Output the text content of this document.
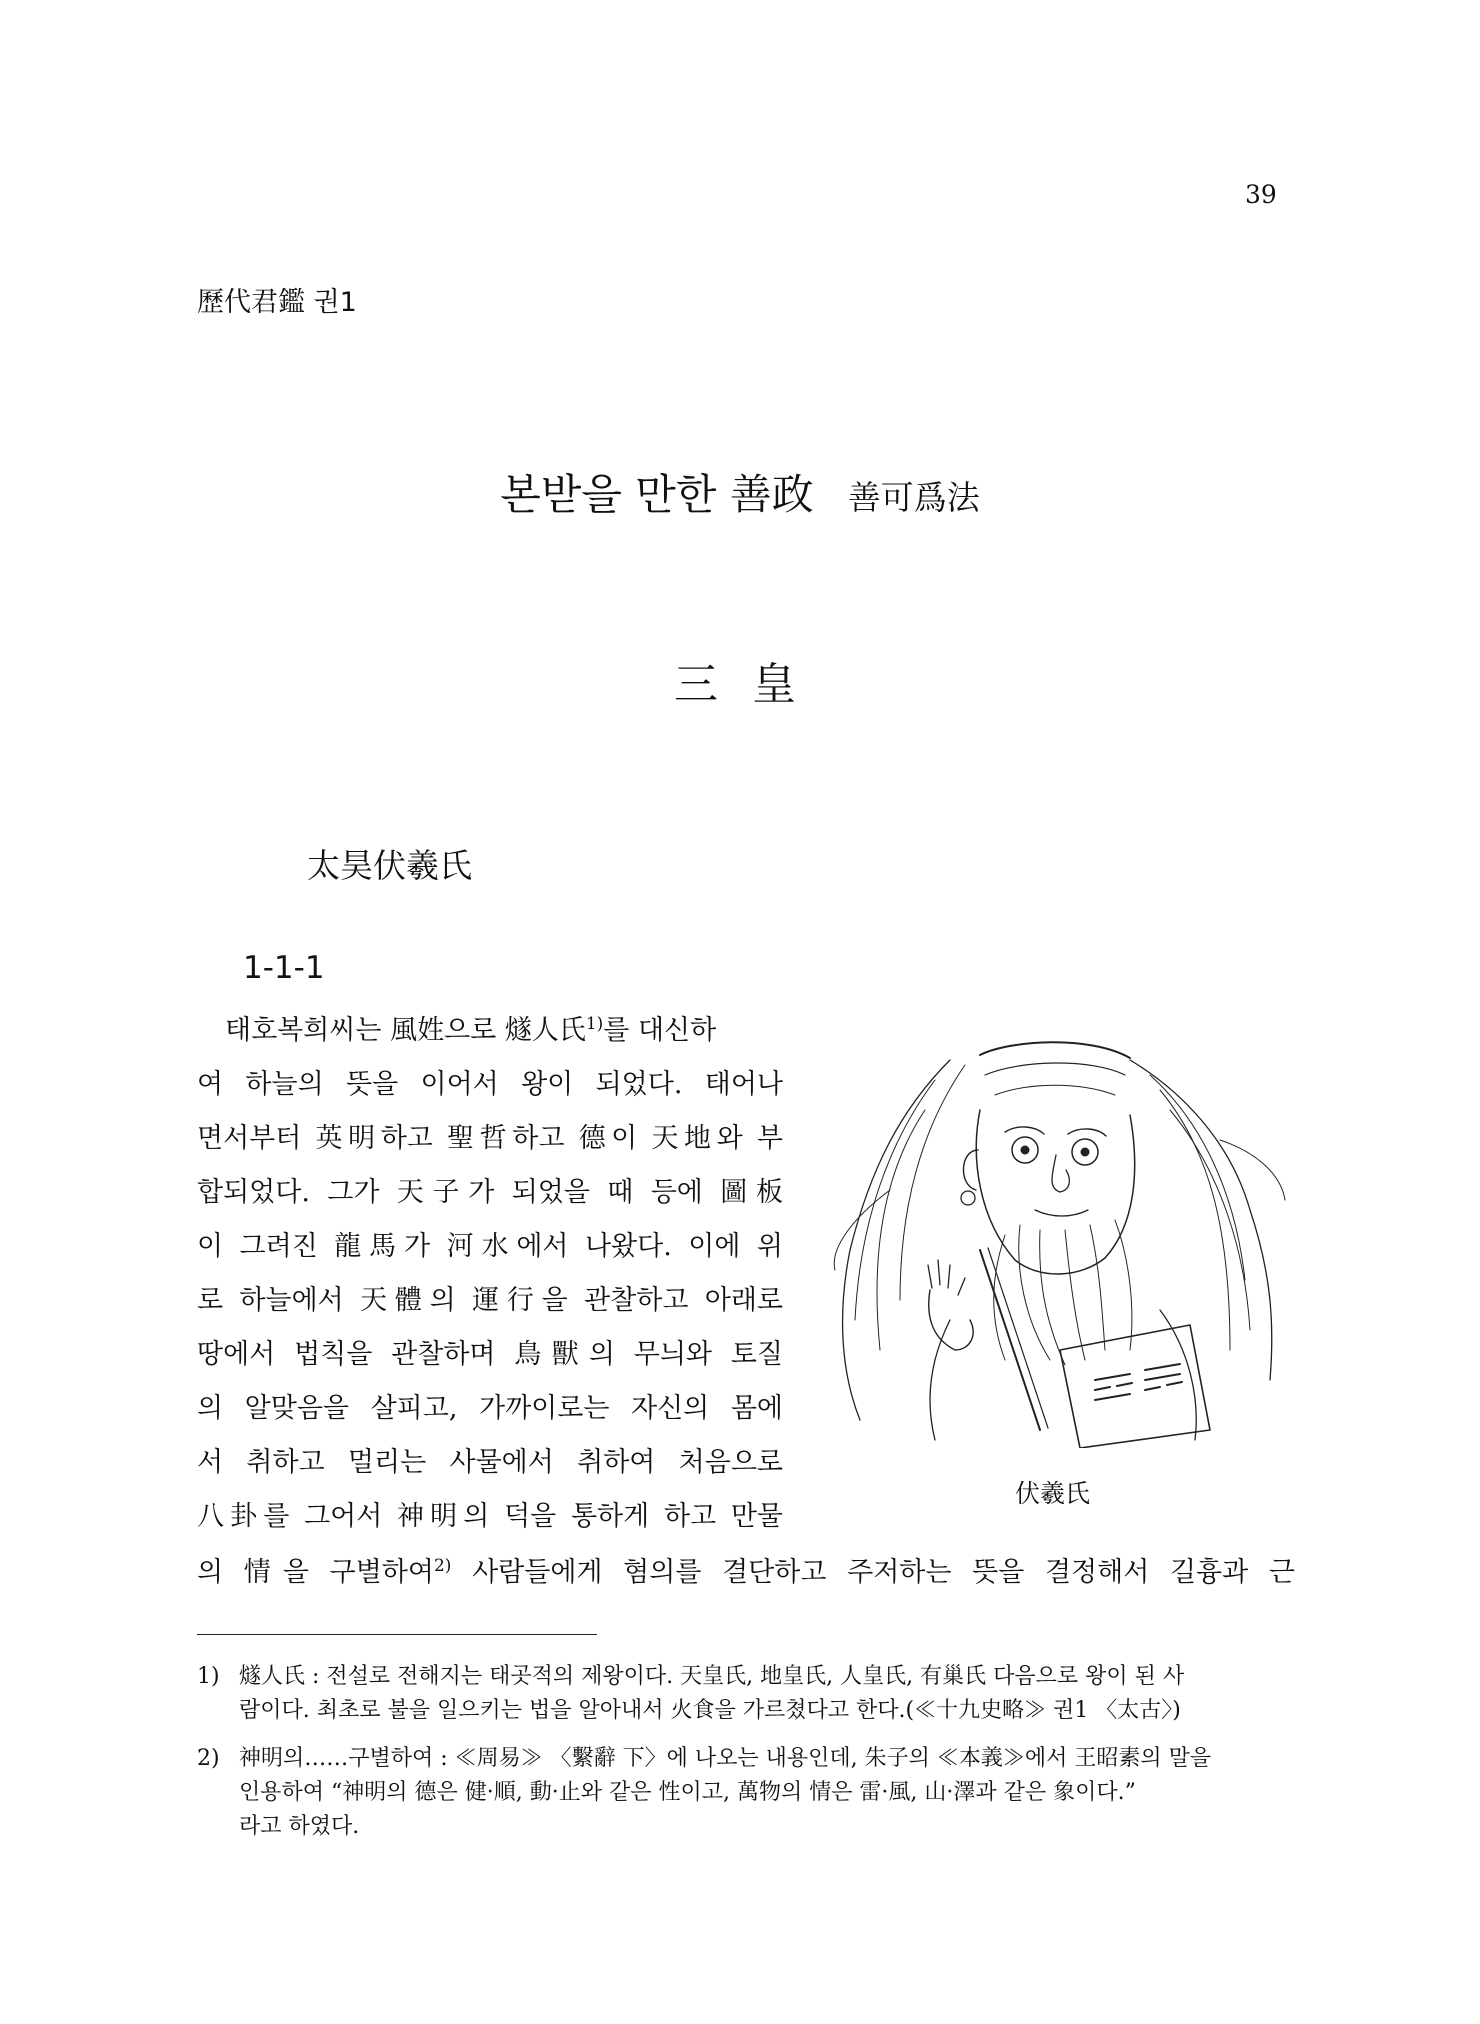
39
歷代君鑑 권1
본받을 만한 善政 善可爲法
三 皇
太昊伏羲氏
1-1-1
태호복희씨는 風姓으로 燧人氏$^{1)}$를 대신하
여 하늘의 뜻을 이어서 왕이 되었다. 태어나
면서부터 英明하고 聖哲하고 德이 天地와 부
합되었다. 그가 天子가 되었을 때 등에 圖板
이 그려진 龍馬가 河水에서 나왔다. 이에 위
로 하늘에서 天體의 運行을 관찰하고 아래로
땅에서 법칙을 관찰하며 鳥獸의 무늬와 토질
의 알맞음을 살피고, 가까이로는 자신의 몸에
서 취하고 멀리는 사물에서 취하여 처음으로
八卦를 그어서 神明의 덕을 통하게 하고 만물
의 情을 구별하여$^{2)}$ 사람들에게 혐의를 결단하고 주저하는 뜻을 결정해서 길흉과 근
伏羲氏
1) 燧人氏 : 전설로 전해지는 태곳적의 제왕이다. 天皇氏, 地皇氏, 人皇氏, 有巢氏 다음으로 왕이 된 사
람이다. 최초로 불을 일으키는 법을 알아내서 火食을 가르쳤다고 한다.(≪十九史略≫ 권1 〈太古〉)
2) 神明의……구별하여 : ≪周易≫ 〈繫辭 下〉에 나오는 내용인데, 朱子의 ≪本義≫에서 王昭素의 말을
인용하여 “神明의 德은 健·順, 動·止와 같은 性이고, 萬物의 情은 雷·風, 山·澤과 같은 象이다.”
라고 하였다.
